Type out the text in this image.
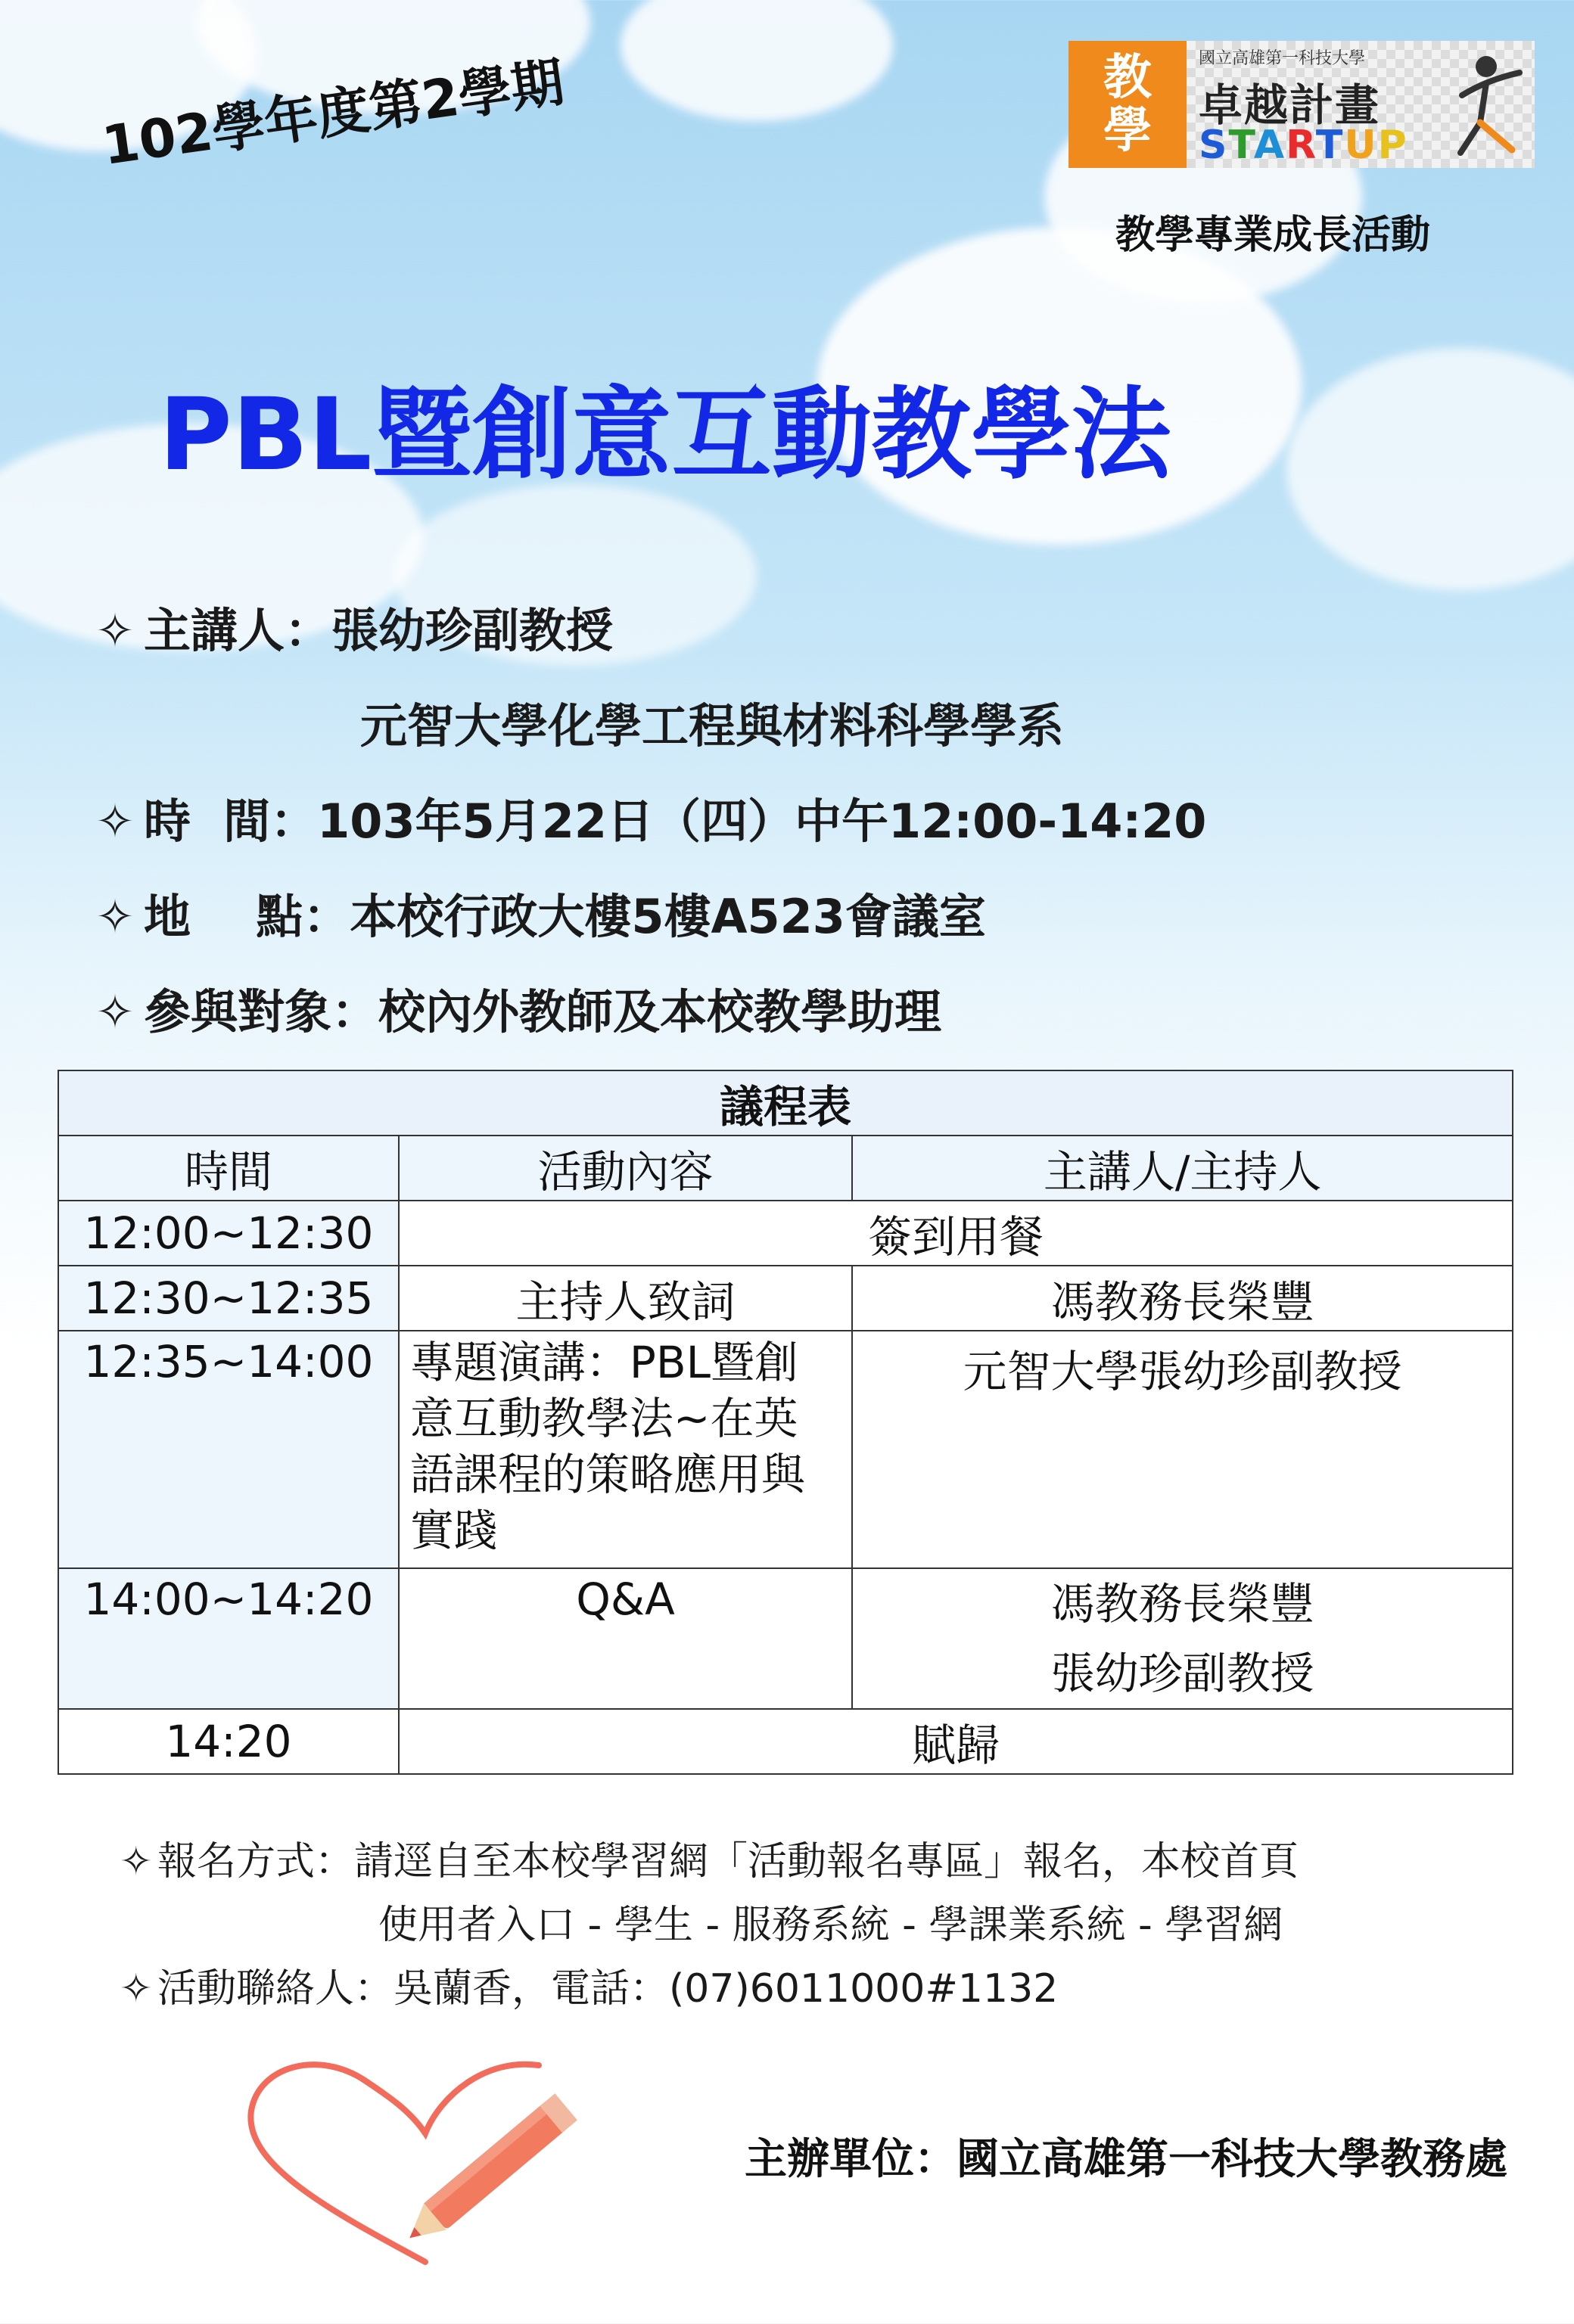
102學年度第2學期	教
學
國立高雄第一科技大學
卓越計畫
STARTUP
教學專業成長活動
PBL暨創意互動教學法
✧ 主講人：張幼珍副教授
元智大學化學工程與材料科學學系
✧ 時  間：103年5月22日（四）中午12:00-14:20
✧ 地    點：本校行政大樓5樓A523會議室
✧ 參與對象：校內外教師及本校教學助理
議程表		
時間	活動內容	主講人/主持人
12:00~12:30	簽到用餐	
12:30~12:35	主持人致詞	馮教務長榮豐
12:35~14:00	專題演講：PBL暨創
意互動教學法~在英
語課程的策略應用與
實踐	元智大學張幼珍副教授
14:00~14:20	Q&A	馮教務長榮豐
張幼珍副教授

14:20	賦歸	
✧ 報名方式：請逕自至本校學習網「活動報名專區」報名，本校首頁
使用者入口 - 學生 - 服務系統 - 學課業系統 - 學習網
✧ 活動聯絡人：吳蘭香，電話：(07)6011000#1132
主辦單位：國立高雄第一科技大學教務處
